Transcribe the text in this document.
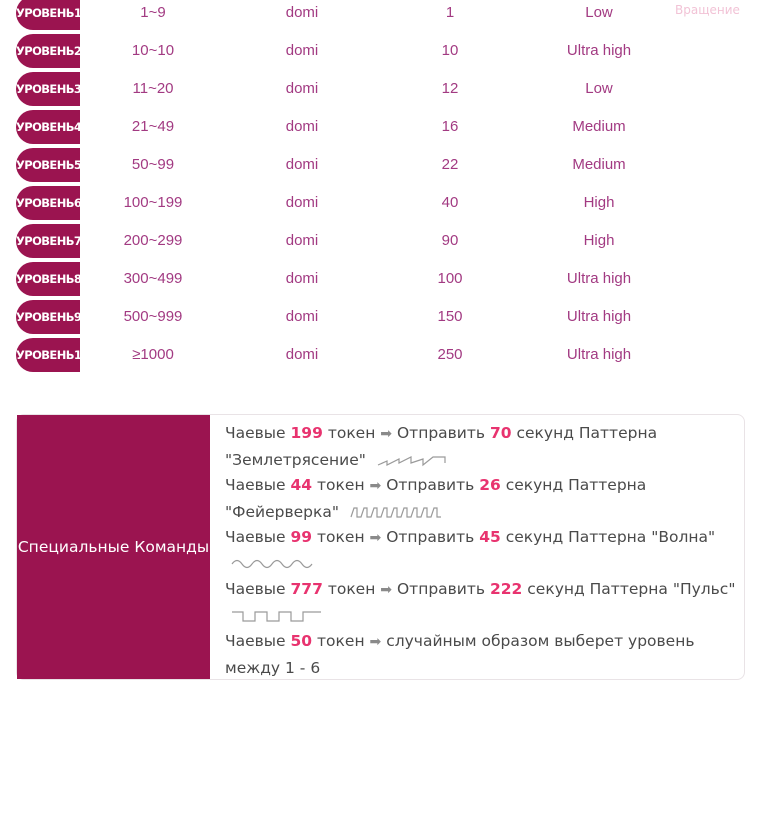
Вращение
УРОВЕНЬ1	1~9	domi	1	Low
УРОВЕНЬ2	10~10	domi	10	Ultra high
УРОВЕНЬ3	11~20	domi	12	Low
УРОВЕНЬ4	21~49	domi	16	Medium
УРОВЕНЬ5	50~99	domi	22	Medium
УРОВЕНЬ6	100~199	domi	40	High
УРОВЕНЬ7	200~299	domi	90	High
УРОВЕНЬ8	300~499	domi	100	Ultra high
УРОВЕНЬ9	500~999	domi	150	Ultra high
УРОВЕНЬ10	≥1000	domi	250	Ultra high
Специальные Команды
Чаевые 199 токен ➡ Отправить 70 секунд Паттерна "Землетрясение"
Чаевые 44 токен ➡ Отправить 26 секунд Паттерна "Фейерверка"
Чаевые 99 токен ➡ Отправить 45 секунд Паттерна "Волна"
Чаевые 777 токен ➡ Отправить 222 секунд Паттерна "Пульс"
Чаевые 50 токен ➡ случайным образом выберет уровень между 1 - 6
